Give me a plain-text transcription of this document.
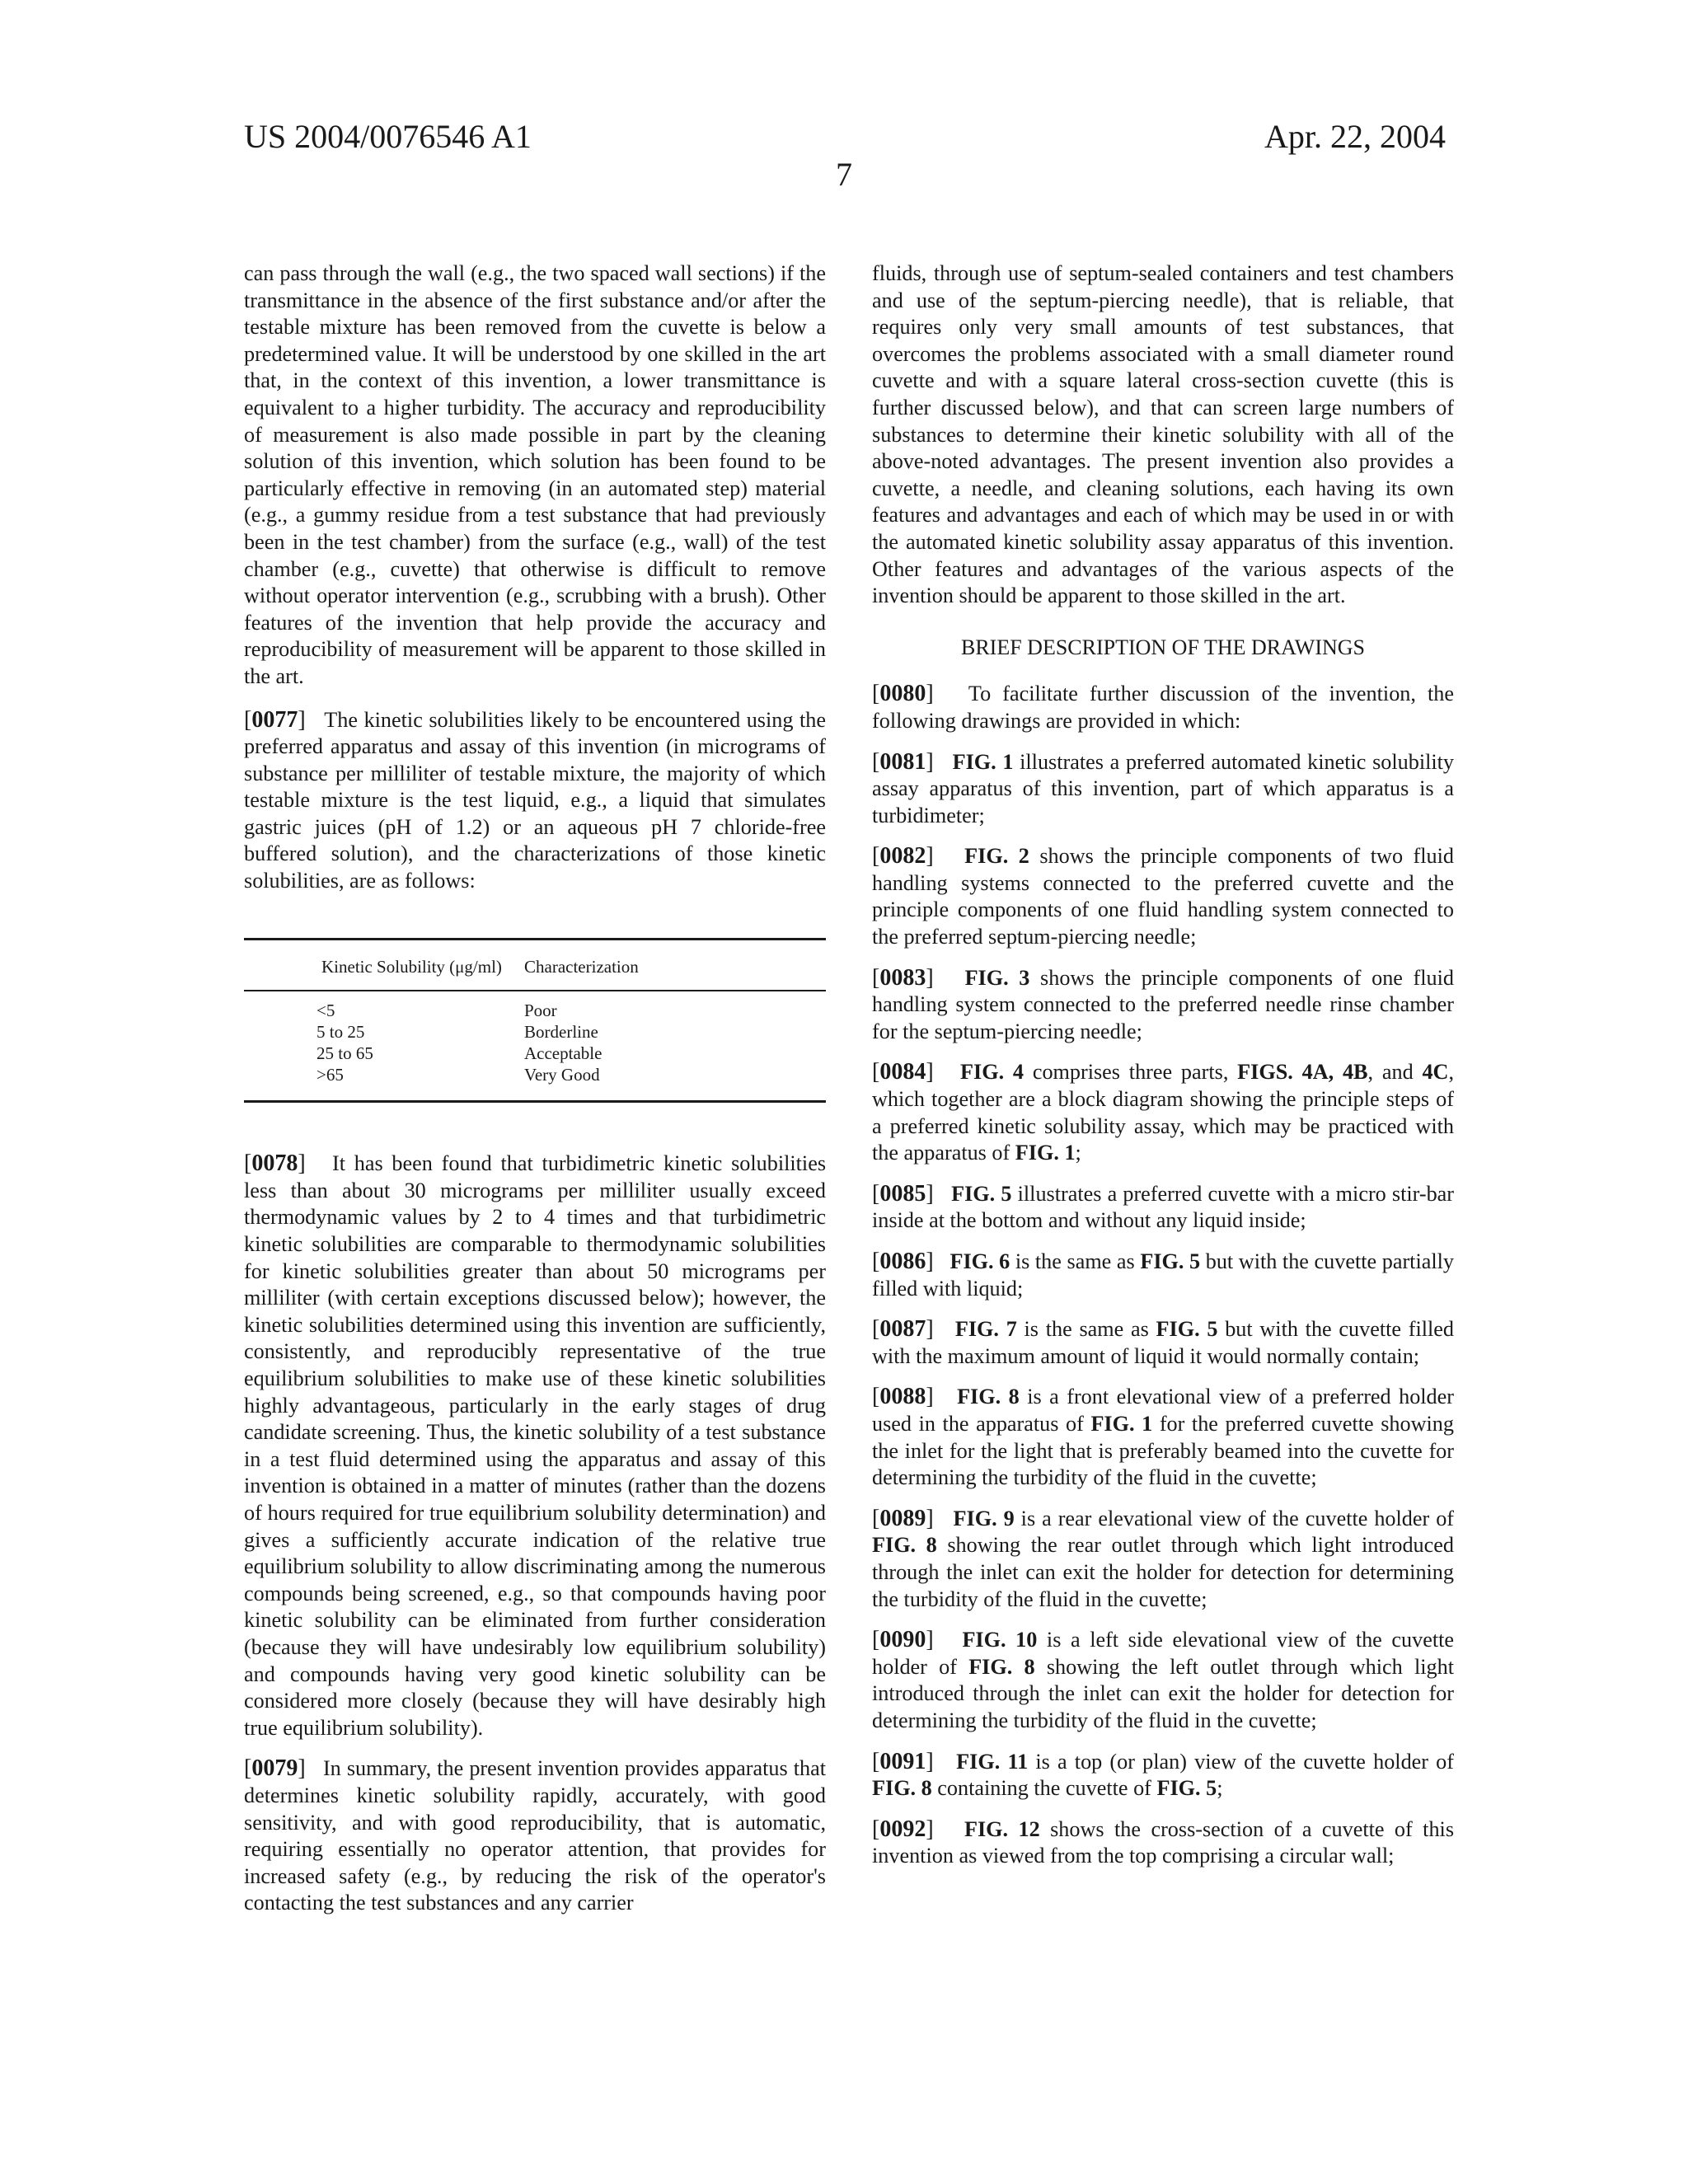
US 2004/0076546 A1	Apr. 22, 2004
7

can pass through the wall (e.g., the two spaced wall sections) if the transmittance in the absence of the first substance and/or after the testable mixture has been removed from the cuvette is below a predetermined value. It will be understood by one skilled in the art that, in the context of this invention, a lower transmittance is equivalent to a higher turbidity. The accuracy and reproducibility of measurement is also made possible in part by the cleaning solution of this invention, which solution has been found to be particularly effective in removing (in an automated step) material (e.g., a gummy residue from a test substance that had previously been in the test chamber) from the surface (e.g., wall) of the test chamber (e.g., cuvette) that otherwise is difficult to remove without operator intervention (e.g., scrubbing with a brush). Other features of the invention that help provide the accuracy and reproducibility of measurement will be apparent to those skilled in the art.

[0077] The kinetic solubilities likely to be encountered using the preferred apparatus and assay of this invention (in micrograms of substance per milliliter of testable mixture, the majority of which testable mixture is the test liquid, e.g., a liquid that simulates gastric juices (pH of 1.2) or an aqueous pH 7 chloride-free buffered solution), and the characterizations of those kinetic solubilities, are as follows:

Kinetic Solubility (μg/ml)	Characterization
<5	Poor
5 to 25	Borderline
25 to 65	Acceptable
>65	Very Good

[0078] It has been found that turbidimetric kinetic solubilities less than about 30 micrograms per milliliter usually exceed thermodynamic values by 2 to 4 times and that turbidimetric kinetic solubilities are comparable to thermodynamic solubilities for kinetic solubilities greater than about 50 micrograms per milliliter (with certain exceptions discussed below); however, the kinetic solubilities determined using this invention are sufficiently, consistently, and reproducibly representative of the true equilibrium solubilities to make use of these kinetic solubilities highly advantageous, particularly in the early stages of drug candidate screening. Thus, the kinetic solubility of a test substance in a test fluid determined using the apparatus and assay of this invention is obtained in a matter of minutes (rather than the dozens of hours required for true equilibrium solubility determination) and gives a sufficiently accurate indication of the relative true equilibrium solubility to allow discriminating among the numerous compounds being screened, e.g., so that compounds having poor kinetic solubility can be eliminated from further consideration (because they will have undesirably low equilibrium solubility) and compounds having very good kinetic solubility can be considered more closely (because they will have desirably high true equilibrium solubility).

[0079] In summary, the present invention provides apparatus that determines kinetic solubility rapidly, accurately, with good sensitivity, and with good reproducibility, that is automatic, requiring essentially no operator attention, that provides for increased safety (e.g., by reducing the risk of the operator's contacting the test substances and any carrier

fluids, through use of septum-sealed containers and test chambers and use of the septum-piercing needle), that is reliable, that requires only very small amounts of test substances, that overcomes the problems associated with a small diameter round cuvette and with a square lateral cross-section cuvette (this is further discussed below), and that can screen large numbers of substances to determine their kinetic solubility with all of the above-noted advantages. The present invention also provides a cuvette, a needle, and cleaning solutions, each having its own features and advantages and each of which may be used in or with the automated kinetic solubility assay apparatus of this invention. Other features and advantages of the various aspects of the invention should be apparent to those skilled in the art.

BRIEF DESCRIPTION OF THE DRAWINGS

[0080] To facilitate further discussion of the invention, the following drawings are provided in which:

[0081] FIG. 1 illustrates a preferred automated kinetic solubility assay apparatus of this invention, part of which apparatus is a turbidimeter;

[0082] FIG. 2 shows the principle components of two fluid handling systems connected to the preferred cuvette and the principle components of one fluid handling system connected to the preferred septum-piercing needle;

[0083] FIG. 3 shows the principle components of one fluid handling system connected to the preferred needle rinse chamber for the septum-piercing needle;

[0084] FIG. 4 comprises three parts, FIGS. 4A, 4B, and 4C, which together are a block diagram showing the principle steps of a preferred kinetic solubility assay, which may be practiced with the apparatus of FIG. 1;

[0085] FIG. 5 illustrates a preferred cuvette with a micro stir-bar inside at the bottom and without any liquid inside;

[0086] FIG. 6 is the same as FIG. 5 but with the cuvette partially filled with liquid;

[0087] FIG. 7 is the same as FIG. 5 but with the cuvette filled with the maximum amount of liquid it would normally contain;

[0088] FIG. 8 is a front elevational view of a preferred holder used in the apparatus of FIG. 1 for the preferred cuvette showing the inlet for the light that is preferably beamed into the cuvette for determining the turbidity of the fluid in the cuvette;

[0089] FIG. 9 is a rear elevational view of the cuvette holder of FIG. 8 showing the rear outlet through which light introduced through the inlet can exit the holder for detection for determining the turbidity of the fluid in the cuvette;

[0090] FIG. 10 is a left side elevational view of the cuvette holder of FIG. 8 showing the left outlet through which light introduced through the inlet can exit the holder for detection for determining the turbidity of the fluid in the cuvette;

[0091] FIG. 11 is a top (or plan) view of the cuvette holder of FIG. 8 containing the cuvette of FIG. 5;

[0092] FIG. 12 shows the cross-section of a cuvette of this invention as viewed from the top comprising a circular wall;
